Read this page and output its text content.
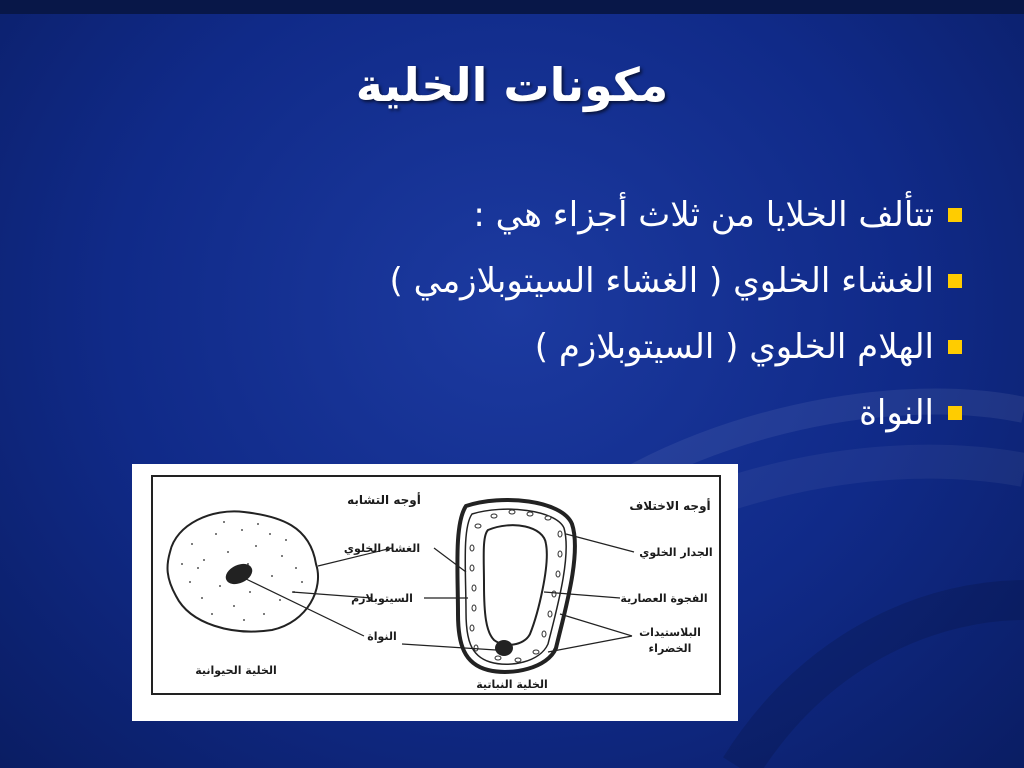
مكونات الخلية
تتألف الخلايا من ثلاث أجزاء هي :
الغشاء الخلوي ( الغشاء السيتوبلازمي )
الهلام الخلوي ( السيتوبلازم )
النواة
أوجه التشابه	أوجه الاختلاف
الغشاء الخلوي
السيتوبلازم
النواة
الجدار الخلوي
الفجوة العصارية
البلاستيدات
الخضراء
الخلية الحيوانية
الخلية النباتية
